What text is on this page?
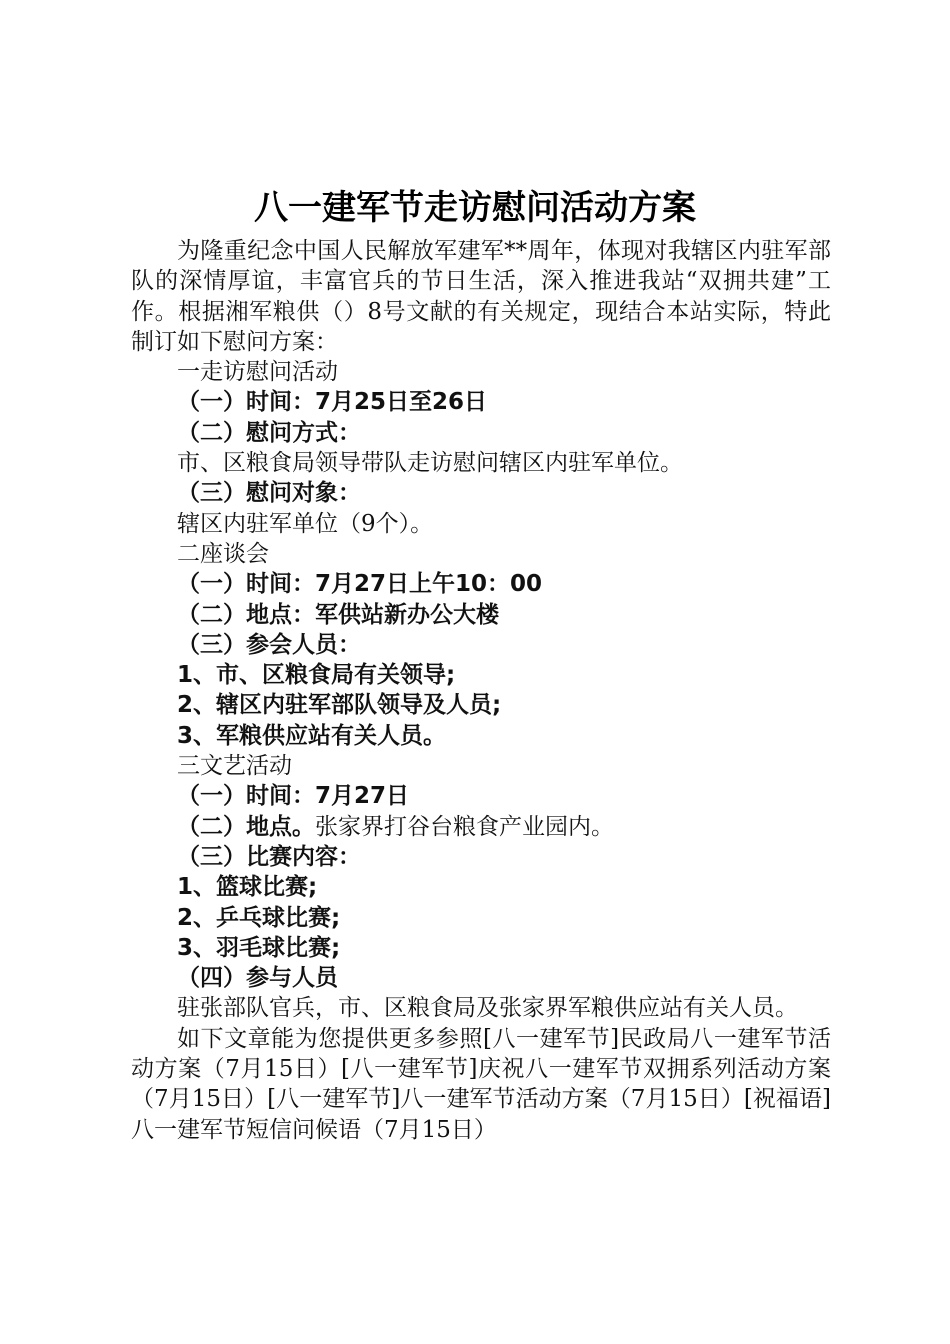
八一建军节走访慰问活动方案

为隆重纪念中国人民解放军建军**周年，体现对我辖区内驻军部队的深情厚谊，丰富官兵的节日生活，深入推进我站“双拥共建”工作。根据湘军粮供（）8号文献的有关规定，现结合本站实际，特此制订如下慰问方案：

一走访慰问活动

（一）时间：7月25日至26日

（二）慰问方式：

市、区粮食局领导带队走访慰问辖区内驻军单位。

（三）慰问对象：

辖区内驻军单位（9个）。

二座谈会

（一）时间：7月27日上午10：00

（二）地点：军供站新办公大楼

（三）参会人员：

1、市、区粮食局有关领导;

2、辖区内驻军部队领导及人员;

3、军粮供应站有关人员。

三文艺活动

（一）时间：7月27日

（二）地点。张家界打谷台粮食产业园内。

（三）比赛内容：

1、篮球比赛;

2、乒乓球比赛;

3、羽毛球比赛;

（四）参与人员

驻张部队官兵，市、区粮食局及张家界军粮供应站有关人员。

如下文章能为您提供更多参照[八一建军节]民政局八一建军节活动方案（7月15日）[八一建军节]庆祝八一建军节双拥系列活动方案（7月15日）[八一建军节]八一建军节活动方案（7月15日）[祝福语]八一建军节短信问候语（7月15日）
